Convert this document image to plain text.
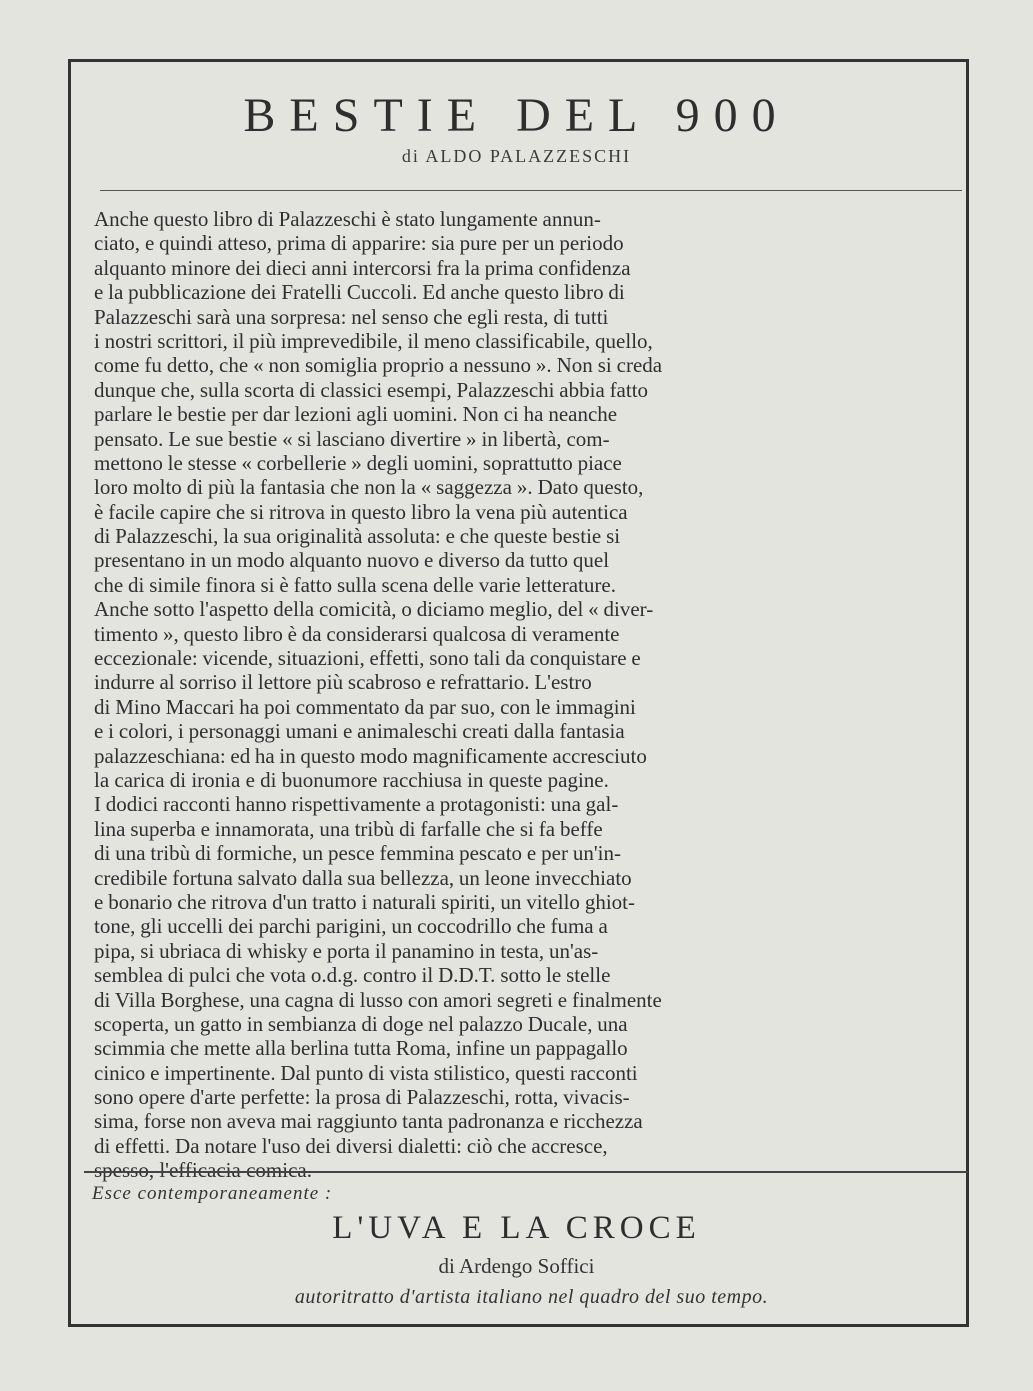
BESTIE DEL 900
di ALDO PALAZZESCHI
Anche questo libro di Palazzeschi è stato lungamente annun-
ciato, e quindi atteso, prima di apparire: sia pure per un periodo
alquanto minore dei dieci anni intercorsi fra la prima confidenza
e la pubblicazione dei Fratelli Cuccoli. Ed anche questo libro di
Palazzeschi sarà una sorpresa: nel senso che egli resta, di tutti
i nostri scrittori, il più imprevedibile, il meno classificabile, quello,
come fu detto, che « non somiglia proprio a nessuno ». Non si creda
dunque che, sulla scorta di classici esempi, Palazzeschi abbia fatto
parlare le bestie per dar lezioni agli uomini. Non ci ha neanche
pensato. Le sue bestie « si lasciano divertire » in libertà, com-
mettono le stesse « corbellerie » degli uomini, soprattutto piace
loro molto di più la fantasia che non la « saggezza ». Dato questo,
è facile capire che si ritrova in questo libro la vena più autentica
di Palazzeschi, la sua originalità assoluta: e che queste bestie si
presentano in un modo alquanto nuovo e diverso da tutto quel
che di simile finora si è fatto sulla scena delle varie letterature.
Anche sotto l'aspetto della comicità, o diciamo meglio, del « diver-
timento », questo libro è da considerarsi qualcosa di veramente
eccezionale: vicende, situazioni, effetti, sono tali da conquistare e
indurre al sorriso il lettore più scabroso e refrattario. L'estro
di Mino Maccari ha poi commentato da par suo, con le immagini
e i colori, i personaggi umani e animaleschi creati dalla fantasia
palazzeschiana: ed ha in questo modo magnificamente accresciuto
la carica di ironia e di buonumore racchiusa in queste pagine.
I dodici racconti hanno rispettivamente a protagonisti: una gal-
lina superba e innamorata, una tribù di farfalle che si fa beffe
di una tribù di formiche, un pesce femmina pescato e per un'in-
credibile fortuna salvato dalla sua bellezza, un leone invecchiato
e bonario che ritrova d'un tratto i naturali spiriti, un vitello ghiot-
tone, gli uccelli dei parchi parigini, un coccodrillo che fuma a
pipa, si ubriaca di whisky e porta il panamino in testa, un'as-
semblea di pulci che vota o.d.g. contro il D.D.T. sotto le stelle
di Villa Borghese, una cagna di lusso con amori segreti e finalmente
scoperta, un gatto in sembianza di doge nel palazzo Ducale, una
scimmia che mette alla berlina tutta Roma, infine un pappagallo
cinico e impertinente. Dal punto di vista stilistico, questi racconti
sono opere d'arte perfette: la prosa di Palazzeschi, rotta, vivacis-
sima, forse non aveva mai raggiunto tanta padronanza e ricchezza
di effetti. Da notare l'uso dei diversi dialetti: ciò che accresce,
spesso, l'efficacia comica.
Esce contemporaneamente :
L'UVA E LA CROCE
di Ardengo Soffici
autoritratto d'artista italiano nel quadro del suo tempo.
